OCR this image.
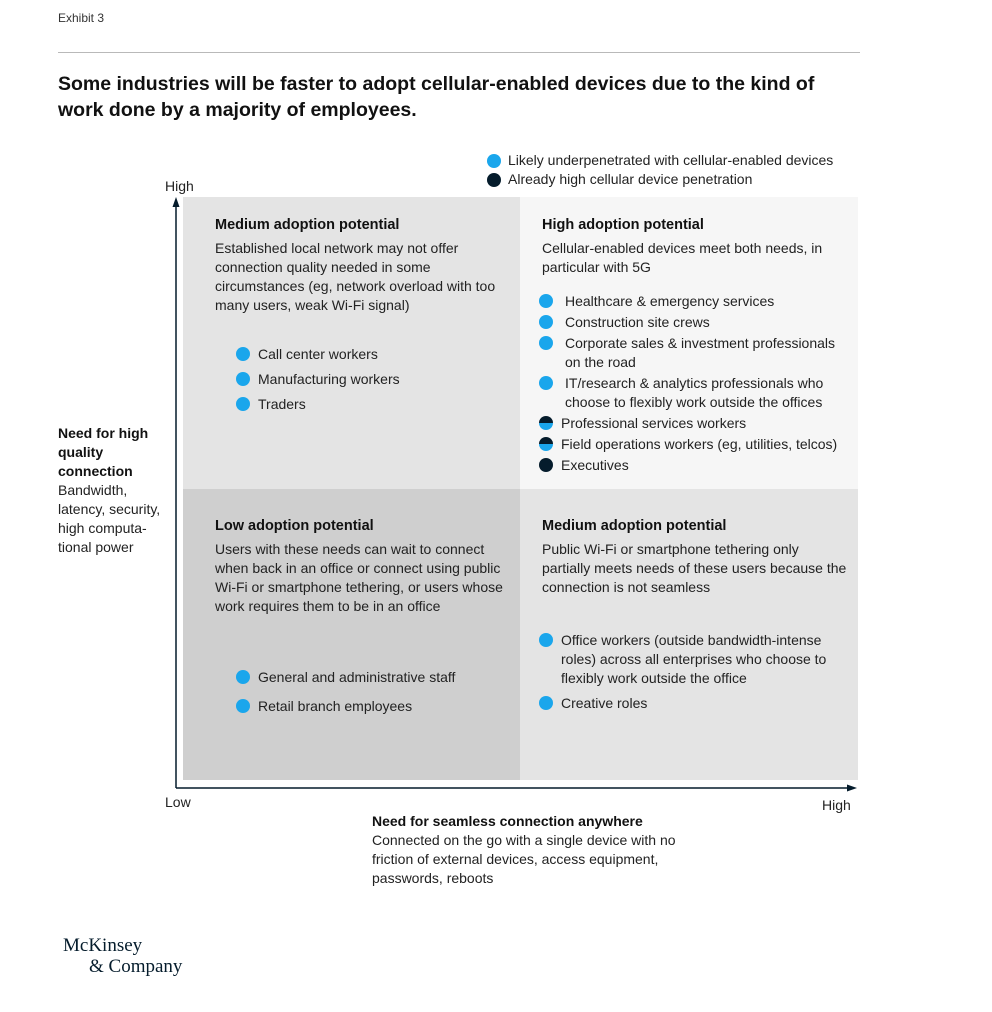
Exhibit 3
Some industries will be faster to adopt cellular-enabled devices due to the kind of work done by a majority of employees.
Likely underpenetrated with cellular-enabled devices
Already high cellular device penetration
High
Low	High
Need for high quality connection
Bandwidth, latency, security, high computa-tional power
Need for seamless connection anywhere
Connected on the go with a single device with no friction of external devices, access equipment, passwords, reboots
Medium adoption potential
Established local network may not offer connection quality needed in some circumstances (eg, network overload with too many users, weak Wi-Fi signal)
Call center workers
Manufacturing workers
Traders
High adoption potential
Cellular-enabled devices meet both needs, in particular with 5G
Healthcare & emergency services
Construction site crews
Corporate sales & investment professionals on the road
IT/research & analytics professionals who choose to flexibly work outside the offices
Professional services workers
Field operations workers (eg, utilities, telcos)
Executives
Low adoption potential
Users with these needs can wait to connect when back in an office or connect using public Wi-Fi or smartphone tethering, or users whose work requires them to be in an office
General and administrative staff
Retail branch employees
Medium adoption potential
Public Wi-Fi or smartphone tethering only partially meets needs of these users because the connection is not seamless
Office workers (outside bandwidth-intense roles) across all enterprises who choose to flexibly work outside the office
Creative roles
McKinsey
& Company
